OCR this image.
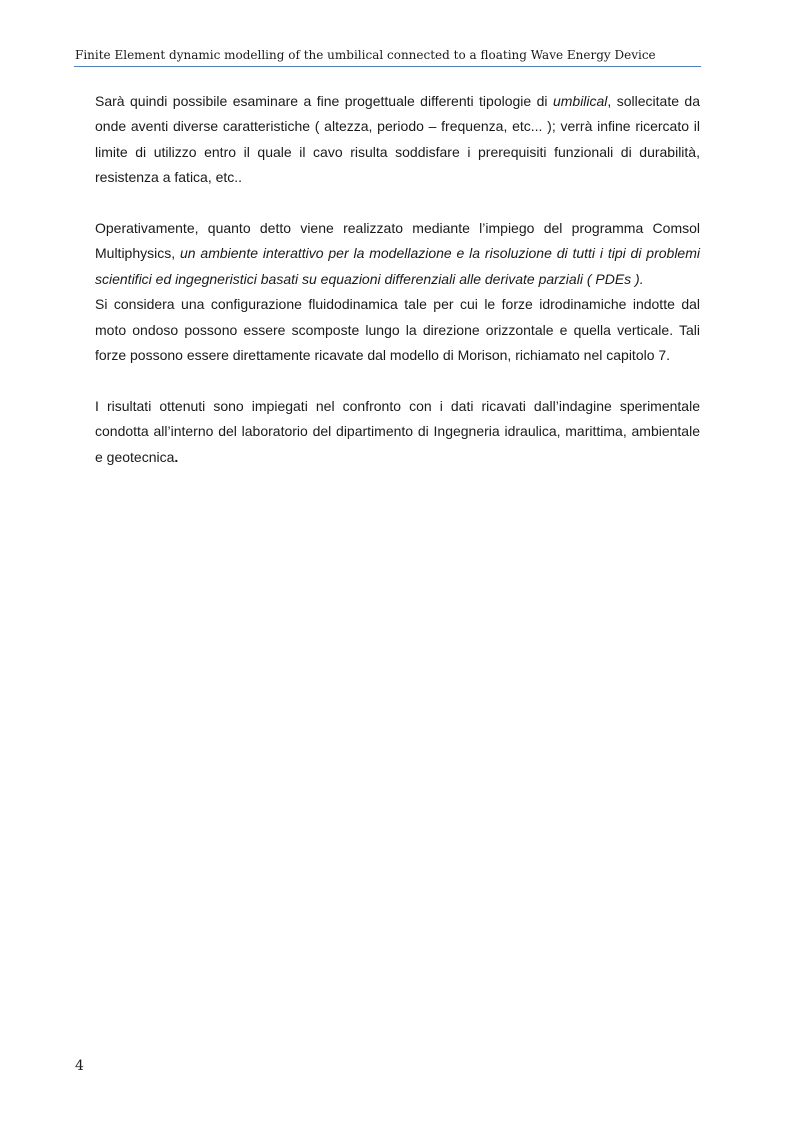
Finite Element dynamic modelling of the umbilical connected to a floating Wave Energy Device

Sarà quindi possibile esaminare a fine progettuale differenti tipologie di umbilical, sollecitate da onde aventi diverse caratteristiche ( altezza, periodo – frequenza, etc... ); verrà infine ricercato il limite di utilizzo entro il quale il cavo risulta soddisfare i prerequisiti funzionali di durabilità, resistenza a fatica, etc..

Operativamente, quanto detto viene realizzato mediante l’impiego del programma Comsol Multiphysics, un ambiente interattivo per la modellazione e la risoluzione di tutti i tipi di problemi scientifici ed ingegneristici basati su equazioni differenziali alle derivate parziali ( PDEs ).

Si considera una configurazione fluidodinamica tale per cui le forze idrodinamiche indotte dal moto ondoso possono essere scomposte lungo la direzione orizzontale e quella verticale. Tali forze possono essere direttamente ricavate dal modello di Morison, richiamato nel capitolo 7.

I risultati ottenuti sono impiegati nel confronto con i dati ricavati dall’indagine sperimentale condotta all’interno del laboratorio del dipartimento di Ingegneria idraulica, marittima, ambientale e geotecnica.

4
